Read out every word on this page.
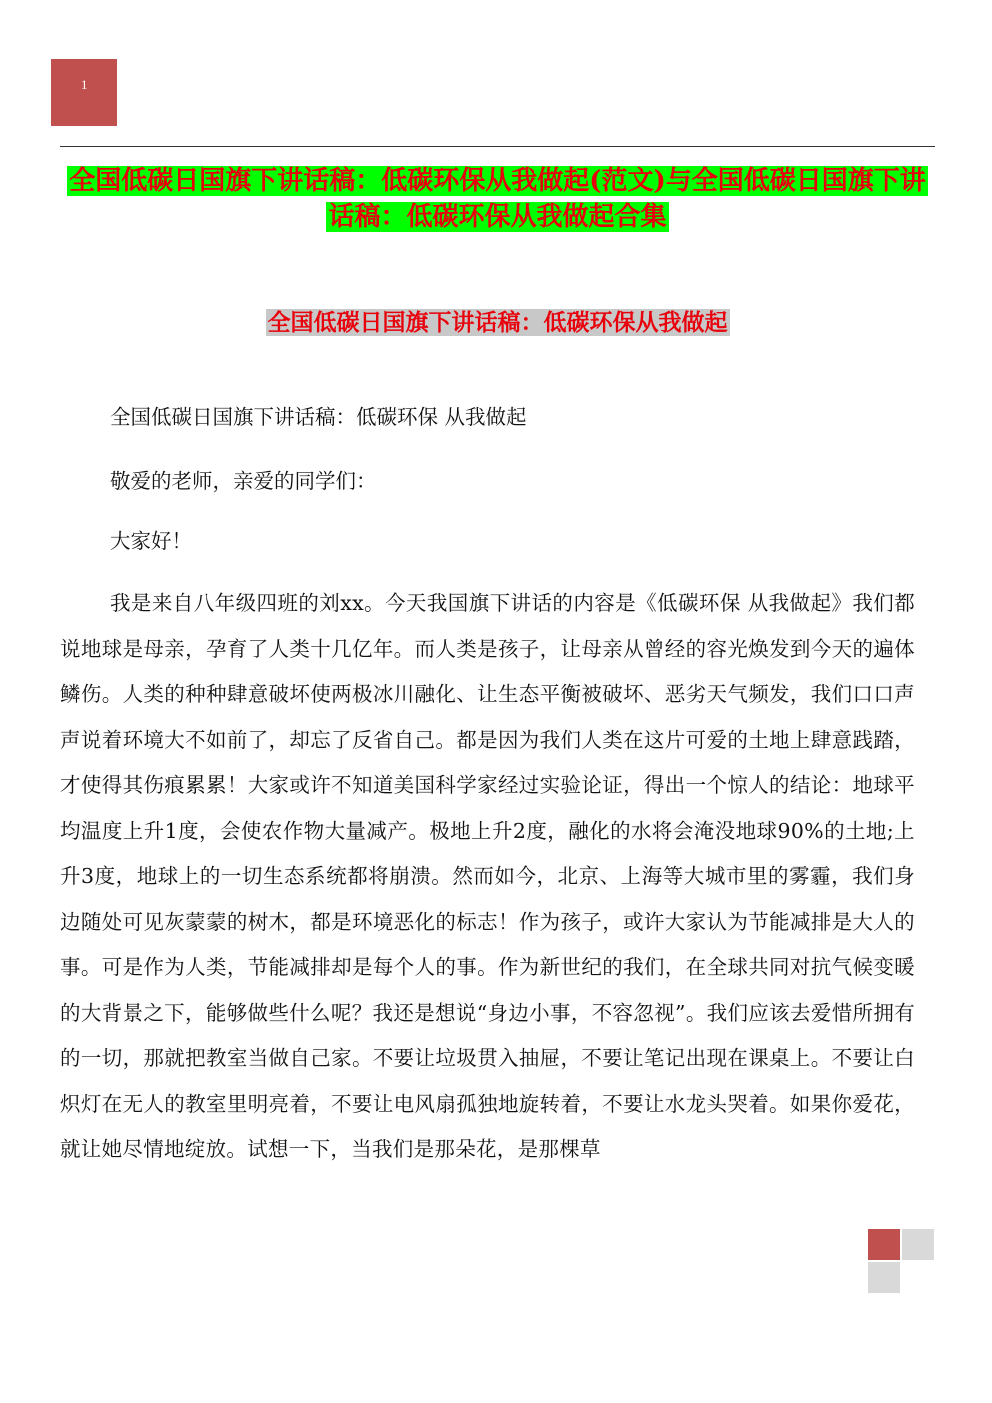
1
全国低碳日国旗下讲话稿：低碳环保从我做起(范文)与全国低碳日国旗下讲话稿：低碳环保从我做起合集
全国低碳日国旗下讲话稿：低碳环保从我做起
全国低碳日国旗下讲话稿：低碳环保 从我做起
敬爱的老师，亲爱的同学们：
大家好！
我是来自八年级四班的刘xx。今天我国旗下讲话的内容是《低碳环保 从我做起》我们都说地球是母亲，孕育了人类十几亿年。而人类是孩子，让母亲从曾经的容光焕发到今天的遍体鳞伤。人类的种种肆意破坏使两极冰川融化、让生态平衡被破坏、恶劣天气频发，我们口口声声说着环境大不如前了，却忘了反省自己。都是因为我们人类在这片可爱的土地上肆意践踏，才使得其伤痕累累！大家或许不知道美国科学家经过实验论证，得出一个惊人的结论：地球平均温度上升1度，会使农作物大量减产。极地上升2度，融化的水将会淹没地球90%的土地;上升3度，地球上的一切生态系统都将崩溃。然而如今，北京、上海等大城市里的雾霾，我们身边随处可见灰蒙蒙的树木，都是环境恶化的标志！作为孩子，或许大家认为节能减排是大人的事。可是作为人类，节能减排却是每个人的事。作为新世纪的我们，在全球共同对抗气候变暖的大背景之下，能够做些什么呢？我还是想说“身边小事，不容忽视”。我们应该去爱惜所拥有的一切，那就把教室当做自己家。不要让垃圾贯入抽屉，不要让笔记出现在课桌上。不要让白炽灯在无人的教室里明亮着，不要让电风扇孤独地旋转着，不要让水龙头哭着。如果你爱花，就让她尽情地绽放。试想一下，当我们是那朵花，是那棵草
